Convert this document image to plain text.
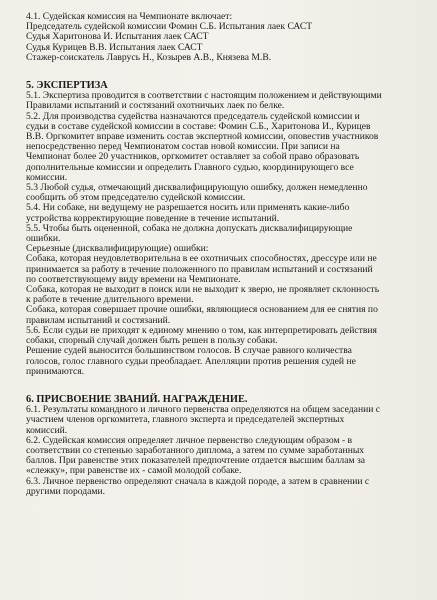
4.1. Судейская комиссия на Чемпионате включает:
Председатель судейской комиссии Фомин С.Б. Испытания лаек САСТ
Судья Харитонова И. Испытания лаек САСТ
Судья Курицев В.В. Испытания лаек САСТ
Стажер-соискатель Лаврусь Н., Козырев А.В., Князева М.В.
5. ЭКСПЕРТИЗА
5.1. Экспертиза проводится в соответствии с настоящим положением и действующими
Правилами испытаний и состязаний охотничьих лаек по белке.
5.2. Для производства судейства назначаются председатель судейской комиссии и
судьи в составе судейской комиссии в составе: Фомин С.Б., Харитонова И., Курицев
В.В. Оргкомитет вправе изменить состав экспертной комиссии, оповестив участников
непосредственно перед Чемпионатом состав новой комиссии. При записи на
Чемпионат более 20 участников, оргкомитет оставляет за собой право образовать
дополнительные комиссии и определить Главного судью, координирующего все
комиссии.
5.3 Любой судья, отмечающий дисквалифицирующую ошибку, должен немедленно
сообщить об этом председателю судейской комиссии.
5.4. Ни собаке, ни ведущему не разрешается носить или применять какие-либо
устройства корректирующие поведение в течение испытаний.
5.5. Чтобы быть оцененной, собака не должна допускать дисквалифицирующие
ошибки.
Серьезные (дисквалифицирующие) ошибки:
Собака, которая неудовлетворительна в ее охотничьих способностях, дрессуре или не
принимается за работу в течение положенного по правилам испытаний и состязаний
по соответствующему виду времени на Чемпионате.
Собака, которая не выходит в поиск или не выходит к зверю, не проявляет склонность
к работе в течение длительного времени.
Собака, которая совершает прочие ошибки, являющиеся основанием для ее снятия по
правилам испытаний и состязаний.
5.6. Если судьи не приходят к единому мнению о том, как интерпретировать действия
собаки, спорный случай должен быть решен в пользу собаки.
Решение судей выносится большинством голосов. В случае равного количества
голосов, голос главного судьи преобладает. Апелляции против решения судей не
принимаются.
6. ПРИСВОЕНИЕ ЗВАНИЙ. НАГРАЖДЕНИЕ.
6.1. Результаты командного и личного первенства определяются на общем заседании с
участием членов оргкомитета, главного эксперта и председателей экспертных
комиссий.
6.2. Судейская комиссия определяет личное первенство следующим образом - в
соответствии со степенью заработанного диплома, а затем по сумме заработанных
баллов. При равенстве этих показателей предпочтение отдается высшим баллам за
«слежку», при равенстве их - самой молодой собаке.
6.3. Личное первенство определяют сначала в каждой породе, а затем в сравнении с
другими породами.
